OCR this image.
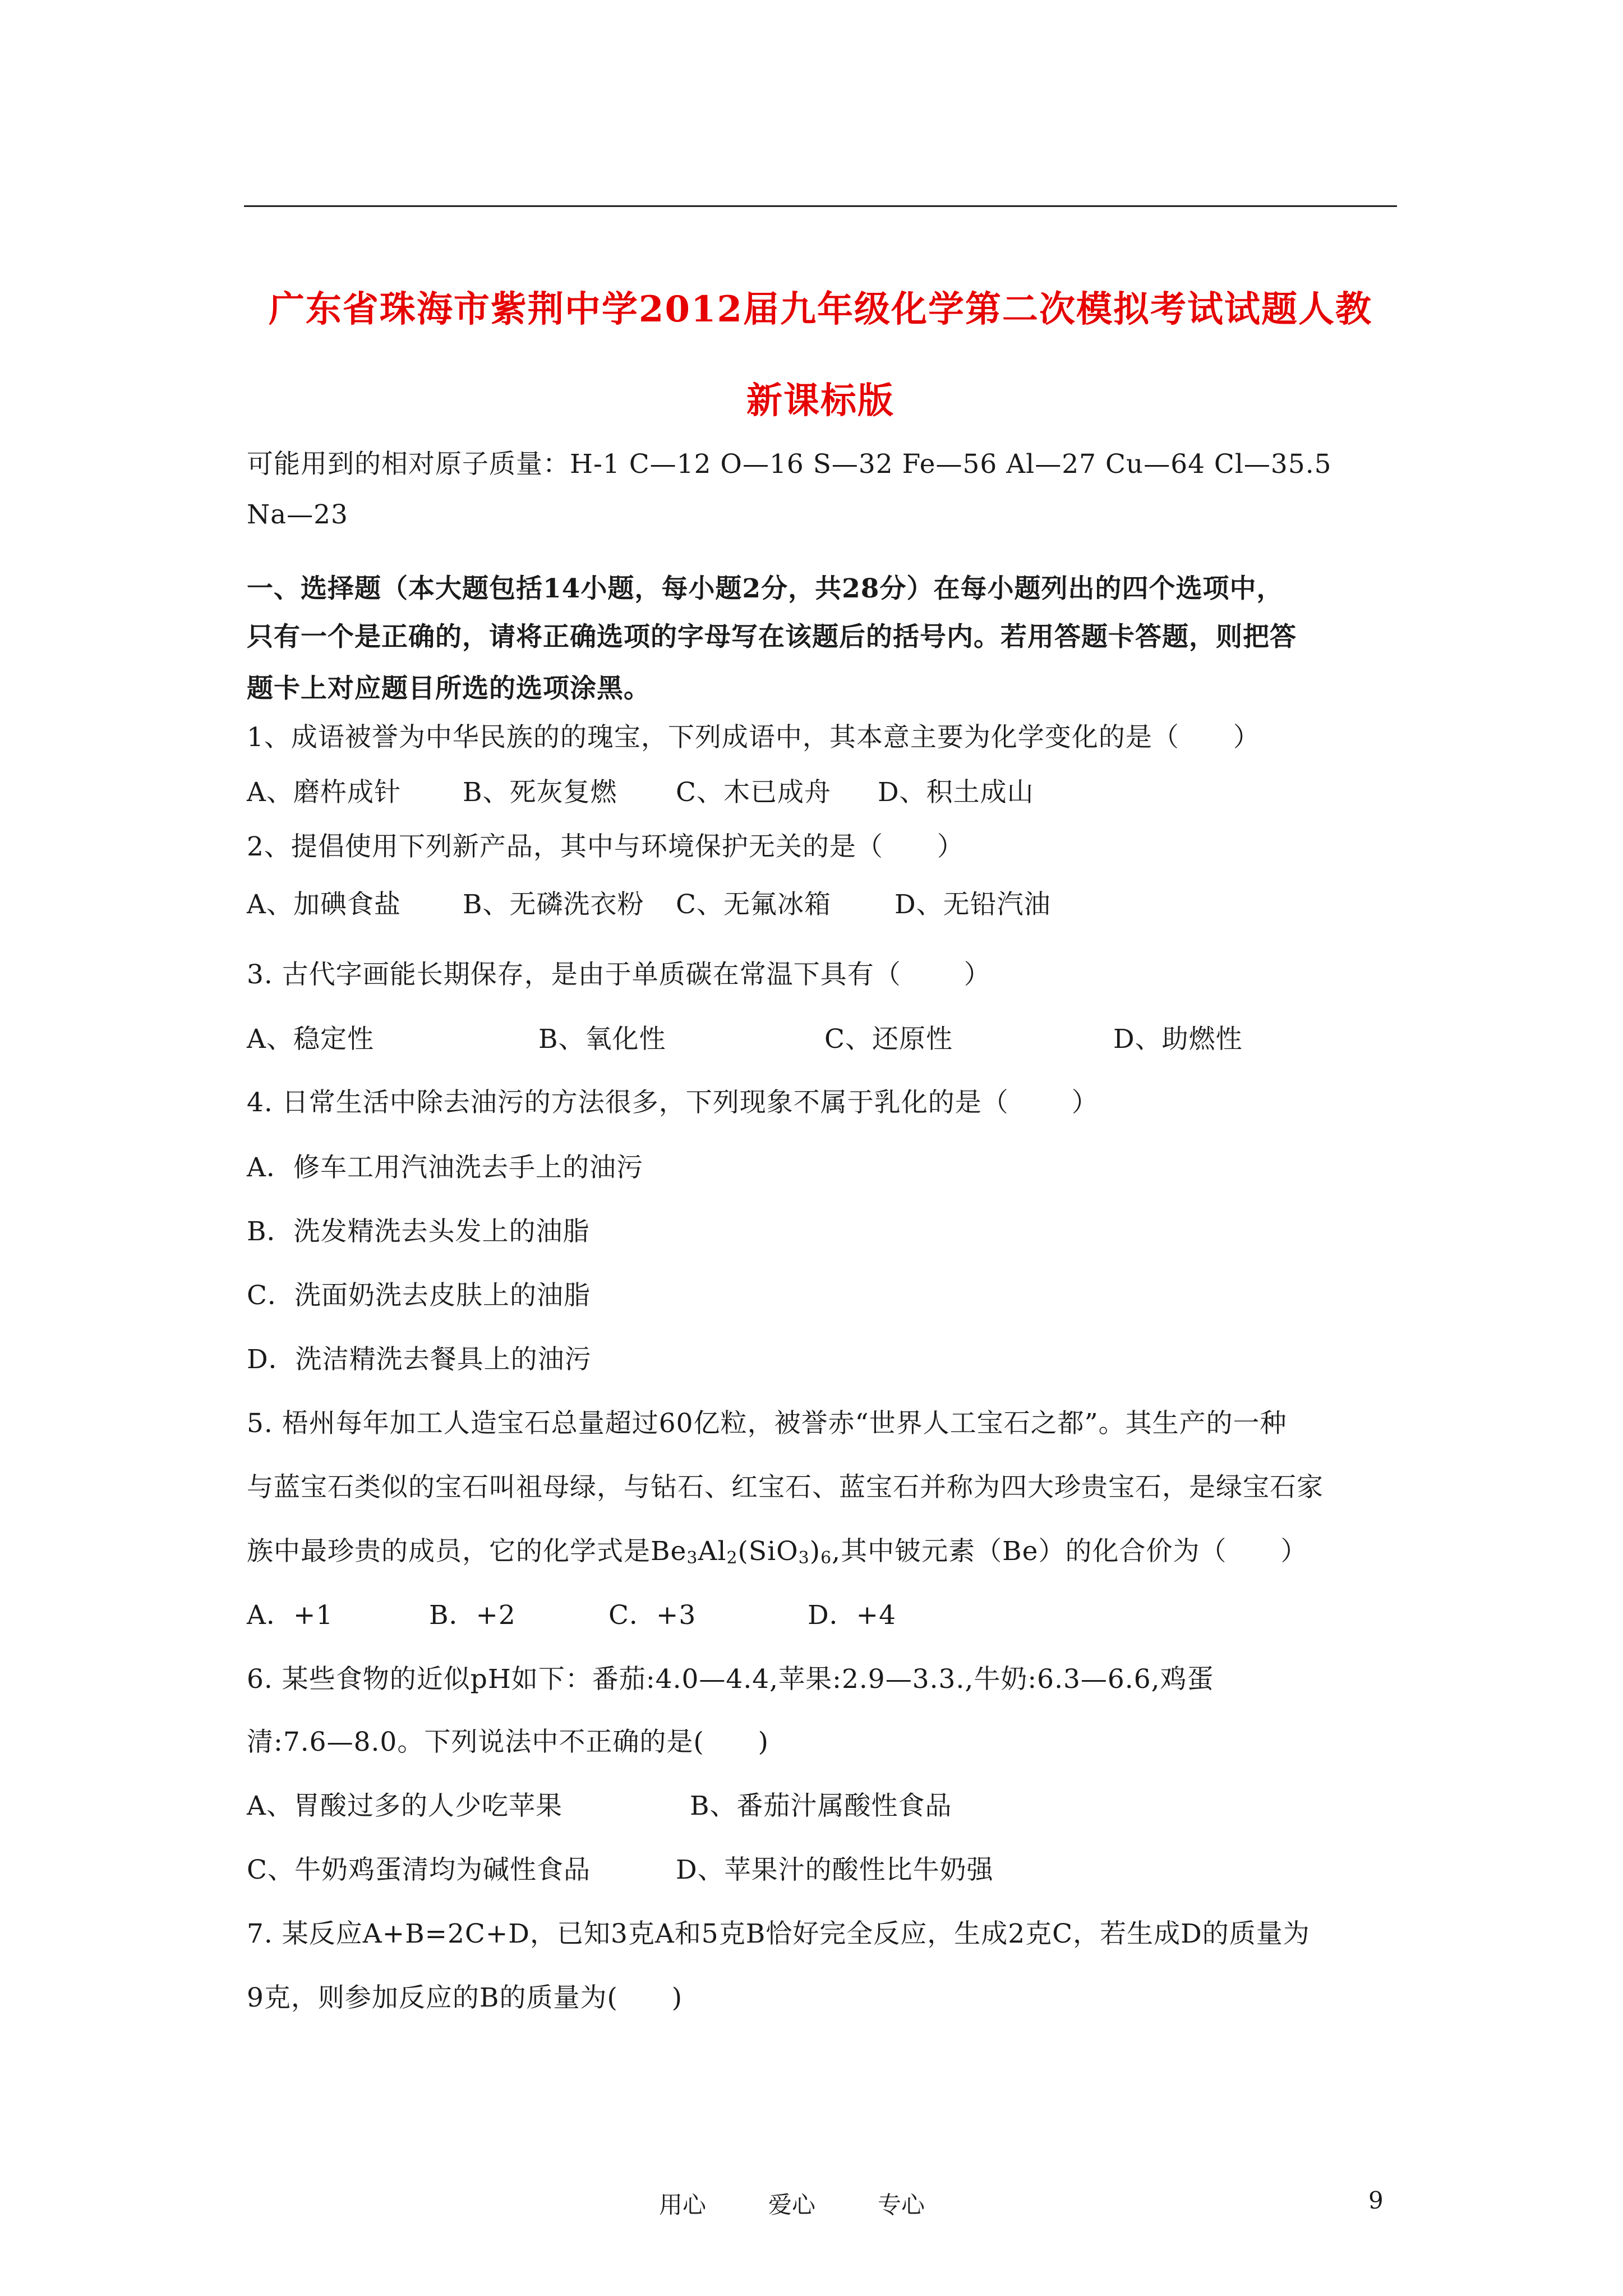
广东省珠海市紫荆中学2012届九年级化学第二次模拟考试试题人教
新课标版
可能用到的相对原子质量：H-1 C—12 O—16 S—32 Fe—56 Al—27 Cu—64 Cl—35.5
Na—23
一、选择题（本大题包括14小题，每小题2分，共28分）在每小题列出的四个选项中，
只有一个是正确的，请将正确选项的字母写在该题后的括号内。若用答题卡答题，则把答
题卡上对应题目所选的选项涂黑。
1、成语被誉为中华民族的的瑰宝，下列成语中，其本意主要为化学变化的是（　　）
A、磨杵成针 B、死灰复燃 C、木已成舟 D、积土成山
2、提倡使用下列新产品，其中与环境保护无关的是（　　）
A、加碘食盐 B、无磷洗衣粉 C、无氟冰箱 D、无铅汽油
3. 古代字画能长期保存，是由于单质碳在常温下具有（　　 ）
A、稳定性	B、氧化性	C、还原性	D、助燃性
4. 日常生活中除去油污的方法很多，下列现象不属于乳化的是（　　 ）
A．修车工用汽油洗去手上的油污
B．洗发精洗去头发上的油脂
C．洗面奶洗去皮肤上的油脂
D．洗洁精洗去餐具上的油污
5. 梧州每年加工人造宝石总量超过60亿粒，被誉赤“世界人工宝石之都”。其生产的一种
与蓝宝石类似的宝石叫祖母绿，与钻石、红宝石、蓝宝石并称为四大珍贵宝石，是绿宝石家
族中最珍贵的成员，它的化学式是$Be_3Al_2(SiO_3)_6$,其中铍元素（Be）的化合价为（　　）
A．+1	B．+2	C．+3	D．+4
6. 某些食物的近似pH如下：番茄:4.0—4.4,苹果:2.9—3.3.,牛奶:6.3—6.6,鸡蛋
清:7.6—8.0。下列说法中不正确的是(　　)
A、胃酸过多的人少吃苹果	B、番茄汁属酸性食品
C、牛奶鸡蛋清均为碱性食品	D、苹果汁的酸性比牛奶强
7. 某反应A+B=2C+D，已知3克A和5克B恰好完全反应，生成2克C，若生成D的质量为
9克，则参加反应的B的质量为(　　)
用心	爱心	专心	9
